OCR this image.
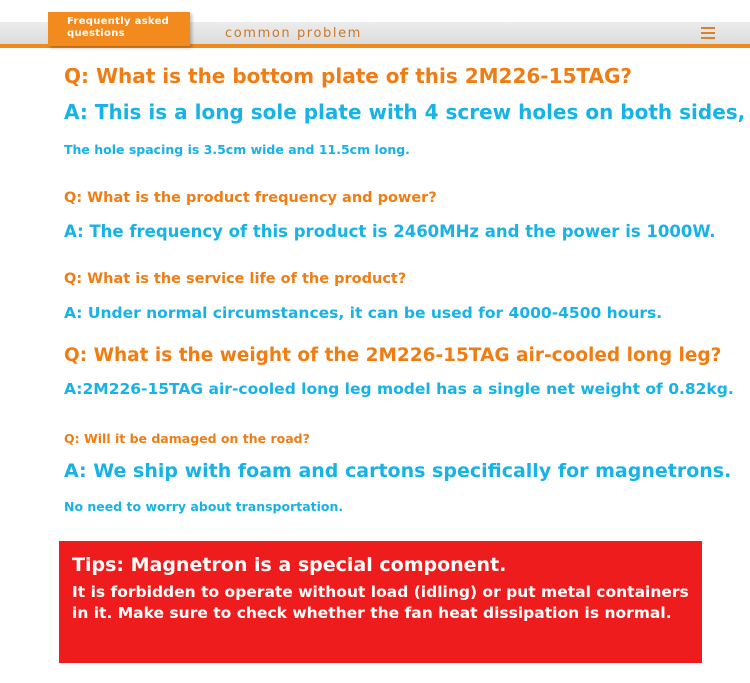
Frequently asked questions	common problem
Q: What is the bottom plate of this 2M226-15TAG?
A: This is a long sole plate with 4 screw holes on both sides,
The hole spacing is 3.5cm wide and 11.5cm long.
Q: What is the product frequency and power?
A: The frequency of this product is 2460MHz and the power is 1000W.
Q: What is the service life of the product?
A: Under normal circumstances, it can be used for 4000-4500 hours.
Q: What is the weight of the 2M226-15TAG air-cooled long leg?
A:2M226-15TAG air-cooled long leg model has a single net weight of 0.82kg.
Q: Will it be damaged on the road?
A: We ship with foam and cartons specifically for magnetrons.
No need to worry about transportation.
Tips: Magnetron is a special component.
It is forbidden to operate without load (idling) or put metal containers in it. Make sure to check whether the fan heat dissipation is normal.
